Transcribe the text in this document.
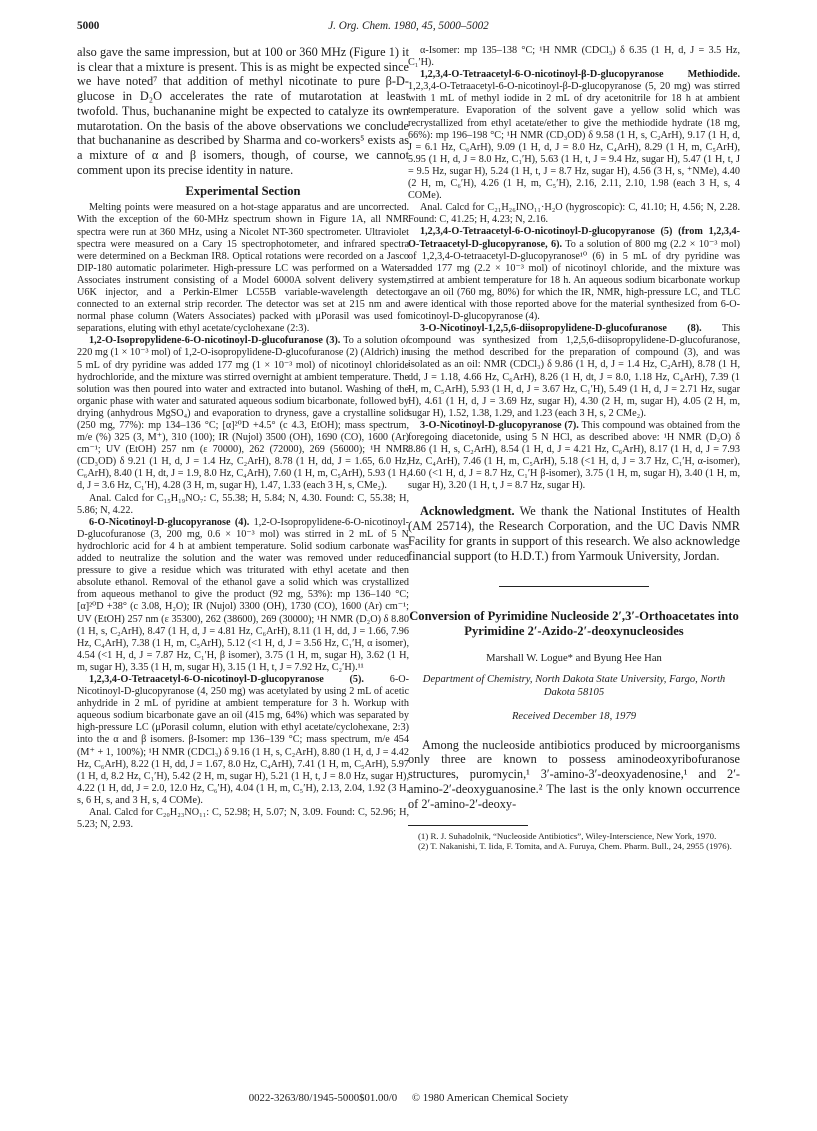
5000	J. Org. Chem. 1980, 45, 5000–5002

also gave the same impression, but at 100 or 360 MHz (Figure 1) it is clear that a mixture is present. This is as might be expected since we have noted⁷ that addition of methyl nicotinate to pure β-D-glucose in D₂O accelerates the rate of mutarotation at least twofold. Thus, buchananine might be expected to catalyze its own mutarotation. On the basis of the above observations we conclude that buchananine as described by Sharma and co-workers⁵ exists as a mixture of α and β isomers, though, of course, we cannot comment upon its precise identity in nature.

Experimental Section

Melting points were measured on a hot-stage apparatus and are uncorrected. With the exception of the 60-MHz spectrum shown in Figure 1A, all NMR spectra were run at 360 MHz, using a Nicolet NT-360 spectrometer. Ultraviolet spectra were measured on a Cary 15 spectrophotometer, and infrared spectra were determined on a Beckman IR8. Optical rotations were recorded on a Jasco DIP-180 automatic polarimeter. High-pressure LC was performed on a Waters Associates instrument consisting of a Model 6000A solvent delivery system, U6K injector, and a Perkin-Elmer LC55B variable-wavelength detector connected to an external strip recorder. The detector was set at 215 nm and a normal phase column (Waters Associates) packed with μPorasil was used for separations, eluting with ethyl acetate/cyclohexane (2:3).

1,2-O-Isopropylidene-6-O-nicotinoyl-D-glucofuranose (3). To a solution of 220 mg (1 × 10⁻³ mol) of 1,2-O-isopropylidene-D-glucofuranose (2) (Aldrich) in 5 mL of dry pyridine was added 177 mg (1 × 10⁻³ mol) of nicotinoyl chloride hydrochloride, and the mixture was stirred overnight at ambient temperature. The solution was then poured into water and extracted into butanol. Washing of the organic phase with water and saturated aqueous sodium bicarbonate, followed by drying (anhydrous MgSO₄) and evaporation to dryness, gave a crystalline solid (250 mg, 77%): mp 134–136 °C; [α]²⁰D +4.5° (c 4.3, EtOH); mass spectrum, m/e (%) 325 (3, M⁺), 310 (100); IR (Nujol) 3500 (OH), 1690 (CO), 1600 (Ar) cm⁻¹; UV (EtOH) 257 nm (ε 70000), 262 (72000), 269 (56000); ¹H NMR (CD₃OD) δ 9.21 (1 H, d, J = 1.4 Hz, C₂ArH), 8.78 (1 H, dd, J = 1.65, 6.0 Hz, C₆ArH), 8.40 (1 H, dt, J = 1.9, 8.0 Hz, C₄ArH), 7.60 (1 H, m, C₅ArH), 5.93 (1 H, d, J = 3.6 Hz, C₁′H), 4.28 (3 H, m, sugar H), 1.47, 1.33 (each 3 H, s, CMe₂).

Anal. Calcd for C₁₅H₁₉NO₇: C, 55.38; H, 5.84; N, 4.30. Found: C, 55.38; H, 5.86; N, 4.22.

6-O-Nicotinoyl-D-glucopyranose (4). 1,2-O-Isopropylidene-6-O-nicotinoyl-D-glucofuranose (3, 200 mg, 0.6 × 10⁻³ mol) was stirred in 2 mL of 5 N hydrochloric acid for 4 h at ambient temperature. Solid sodium carbonate was added to neutralize the solution and the water was removed under reduced pressure to give a residue which was triturated with ethyl acetate and then absolute ethanol. Removal of the ethanol gave a solid which was crystallized from aqueous methanol to give the product (92 mg, 53%): mp 136–140 °C; [α]²⁰D +38° (c 3.08, H₂O); IR (Nujol) 3300 (OH), 1730 (CO), 1600 (Ar) cm⁻¹; UV (EtOH) 257 nm (ε 35300), 262 (38600), 269 (30000); ¹H NMR (D₂O) δ 8.80 (1 H, s, C₂ArH), 8.47 (1 H, d, J = 4.81 Hz, C₆ArH), 8.11 (1 H, dd, J = 1.66, 7.96 Hz, C₄ArH), 7.38 (1 H, m, C₅ArH), 5.12 (<1 H, d, J = 3.56 Hz, C₁′H, α isomer), 4.54 (<1 H, d, J = 7.87 Hz, C₁′H, β isomer), 3.75 (1 H, m, sugar H), 3.62 (1 H, m, sugar H), 3.35 (1 H, m, sugar H), 3.15 (1 H, t, J = 7.92 Hz, C₂′H).¹¹

1,2,3,4-O-Tetraacetyl-6-O-nicotinoyl-D-glucopyranose (5).	6-O-Nicotinoyl-D-glucopyranose (4, 250 mg) was acetylated by using 2 mL of acetic anhydride in 2 mL of pyridine at ambient temperature for 3 h. Workup with aqueous sodium bicarbonate gave an oil (415 mg, 64%) which was separated by high-pressure LC (μPorasil column, elution with ethyl acetate/cyclohexane, 2:3) into the α and β isomers. β-Isomer: mp 136–139 °C; mass spectrum, m/e 454 (M⁺ + 1, 100%); ¹H NMR (CDCl₃) δ 9.16 (1 H, s, C₂ArH), 8.80 (1 H, d, J = 4.42 Hz, C₆ArH), 8.22 (1 H, dd, J = 1.67, 8.0 Hz, C₄ArH), 7.41 (1 H, m, C₅ArH), 5.97 (1 H, d, 8.2 Hz, C₁′H), 5.42 (2 H, m, sugar H), 5.21 (1 H, t, J = 8.0 Hz, sugar H), 4.22 (1 H, dd, J = 2.0, 12.0 Hz, C₆′H), 4.04 (1 H, m, C₅′H), 2.13, 2.04, 1.92 (3 H, s, 6 H, s, and 3 H, s, 4 COMe).

Anal. Calcd for C₂₀H₂₃NO₁₁: C, 52.98; H, 5.07; N, 3.09. Found: C, 52.96; H, 5.23; N, 2.93.

α-Isomer: mp 135–138 °C; ¹H NMR (CDCl₃) δ 6.35 (1 H, d, J = 3.5 Hz, C₁′H).

1,2,3,4-O-Tetraacetyl-6-O-nicotinoyl-β-D-glucopyranose Methiodide. 1,2,3,4-O-Tetraacetyl-6-O-nicotinoyl-β-D-glucopyranose (5, 20 mg) was stirred with 1 mL of methyl iodide in 2 mL of dry acetonitrile for 18 h at ambient temperature. Evaporation of the solvent gave a yellow solid which was recrystallized from ethyl acetate/ether to give the methiodide hydrate (18 mg, 66%): mp 196–198 °C; ¹H NMR (CD₃OD) δ 9.58 (1 H, s, C₂ArH), 9.17 (1 H, d, J = 6.1 Hz, C₆ArH), 9.09 (1 H, d, J = 8.0 Hz, C₄ArH), 8.29 (1 H, m, C₅ArH), 5.95 (1 H, d, J = 8.0 Hz, C₁′H), 5.63 (1 H, t, J = 9.4 Hz, sugar H), 5.47 (1 H, t, J = 9.5 Hz, sugar H), 5.24 (1 H, t, J = 8.7 Hz, sugar H), 4.56 (3 H, s, ⁺NMe), 4.40 (2 H, m, C₆′H), 4.26 (1 H, m, C₅′H), 2.16, 2.11, 2.10, 1.98 (each 3 H, s, 4 COMe).

Anal. Calcd for C₂₁H₂₆INO₁₁·H₂O (hygroscopic): C, 41.10; H, 4.56; N, 2.28. Found: C, 41.25; H, 4.23; N, 2.16.

1,2,3,4-O-Tetraacetyl-6-O-nicotinoyl-D-glucopyranose (5) (from 1,2,3,4-O-Tetraacetyl-D-glucopyranose, 6). To a solution of 800 mg (2.2 × 10⁻³ mol) of 1,2,3,4-O-tetraacetyl-D-glucopyranose¹⁰ (6) in 5 mL of dry pyridine was added 177 mg (2.2 × 10⁻³ mol) of nicotinoyl chloride, and the mixture was stirred at ambient temperature for 18 h. An aqueous sodium bicarbonate workup gave an oil (760 mg, 80%) for which the IR, NMR, high-pressure LC, and TLC were identical with those reported above for the material synthesized from 6-O-nicotinoyl-D-glucopyranose (4).

3-O-Nicotinoyl-1,2,5,6-diisopropylidene-D-glucofuranose (8). This compound was synthesized from 1,2,5,6-diisopropylidene-D-glucofuranose, using the method described for the preparation of compound (3), and was isolated as an oil: NMR (CDCl₃) δ 9.86 (1 H, d, J = 1.4 Hz, C₂ArH), 8.78 (1 H, dd, J = 1.18, 4.66 Hz, C₆ArH), 8.26 (1 H, dt, J = 8.0, 1.18 Hz, C₄ArH), 7.39 (1 H, m, C₅ArH), 5.93 (1 H, d, J = 3.67 Hz, C₁′H), 5.49 (1 H, d, J = 2.71 Hz, sugar H), 4.61 (1 H, d, J = 3.69 Hz, sugar H), 4.30 (2 H, m, sugar H), 4.05 (2 H, m, sugar H), 1.52, 1.38, 1.29, and 1.23 (each 3 H, s, 2 CMe₂).

3-O-Nicotinoyl-D-glucopyranose (7). This compound was obtained from the foregoing diacetonide, using 5 N HCl, as described above: ¹H NMR (D₂O) δ 8.86 (1 H, s, C₂ArH), 8.54 (1 H, d, J = 4.21 Hz, C₆ArH), 8.17 (1 H, d, J = 7.93 Hz, C₄ArH), 7.46 (1 H, m, C₅ArH), 5.18 (<1 H, d, J = 3.7 Hz, C₁′H, α-isomer), 4.60 (<1 H, d, J = 8.7 Hz, C₁′H β-isomer), 3.75 (1 H, m, sugar H), 3.40 (1 H, m, sugar H), 3.20 (1 H, t, J = 8.7 Hz, sugar H).

Acknowledgment. We thank the National Institutes of Health (AM 25714), the Research Corporation, and the UC Davis NMR Facility for grants in support of this research. We also acknowledge financial support (to H.D.T.) from Yarmouk University, Jordan.

Conversion of Pyrimidine Nucleoside 2′,3′-Orthoacetates into Pyrimidine 2′-Azido-2′-deoxynucleosides
Marshall W. Logue* and Byung Hee Han
Department of Chemistry, North Dakota State University, Fargo, North Dakota 58105
Received December 18, 1979

Among the nucleoside antibiotics produced by microorganisms only three are known to possess aminodeoxyribofuranose structures, puromycin,¹ 3′-amino-3′-deoxyadenosine,¹ and 2′-amino-2′-deoxyguanosine.² The last is the only known occurrence of 2′-amino-2′-deoxy-

(1) R. J. Suhadolnik, “Nucleoside Antibiotics”, Wiley-Interscience, New York, 1970.

(2) T. Nakanishi, T. Iida, F. Tomita, and A. Furuya, Chem. Pharm. Bull., 24, 2955 (1976).

0022-3263/80/1945-5000$01.00/0 © 1980 American Chemical Society
